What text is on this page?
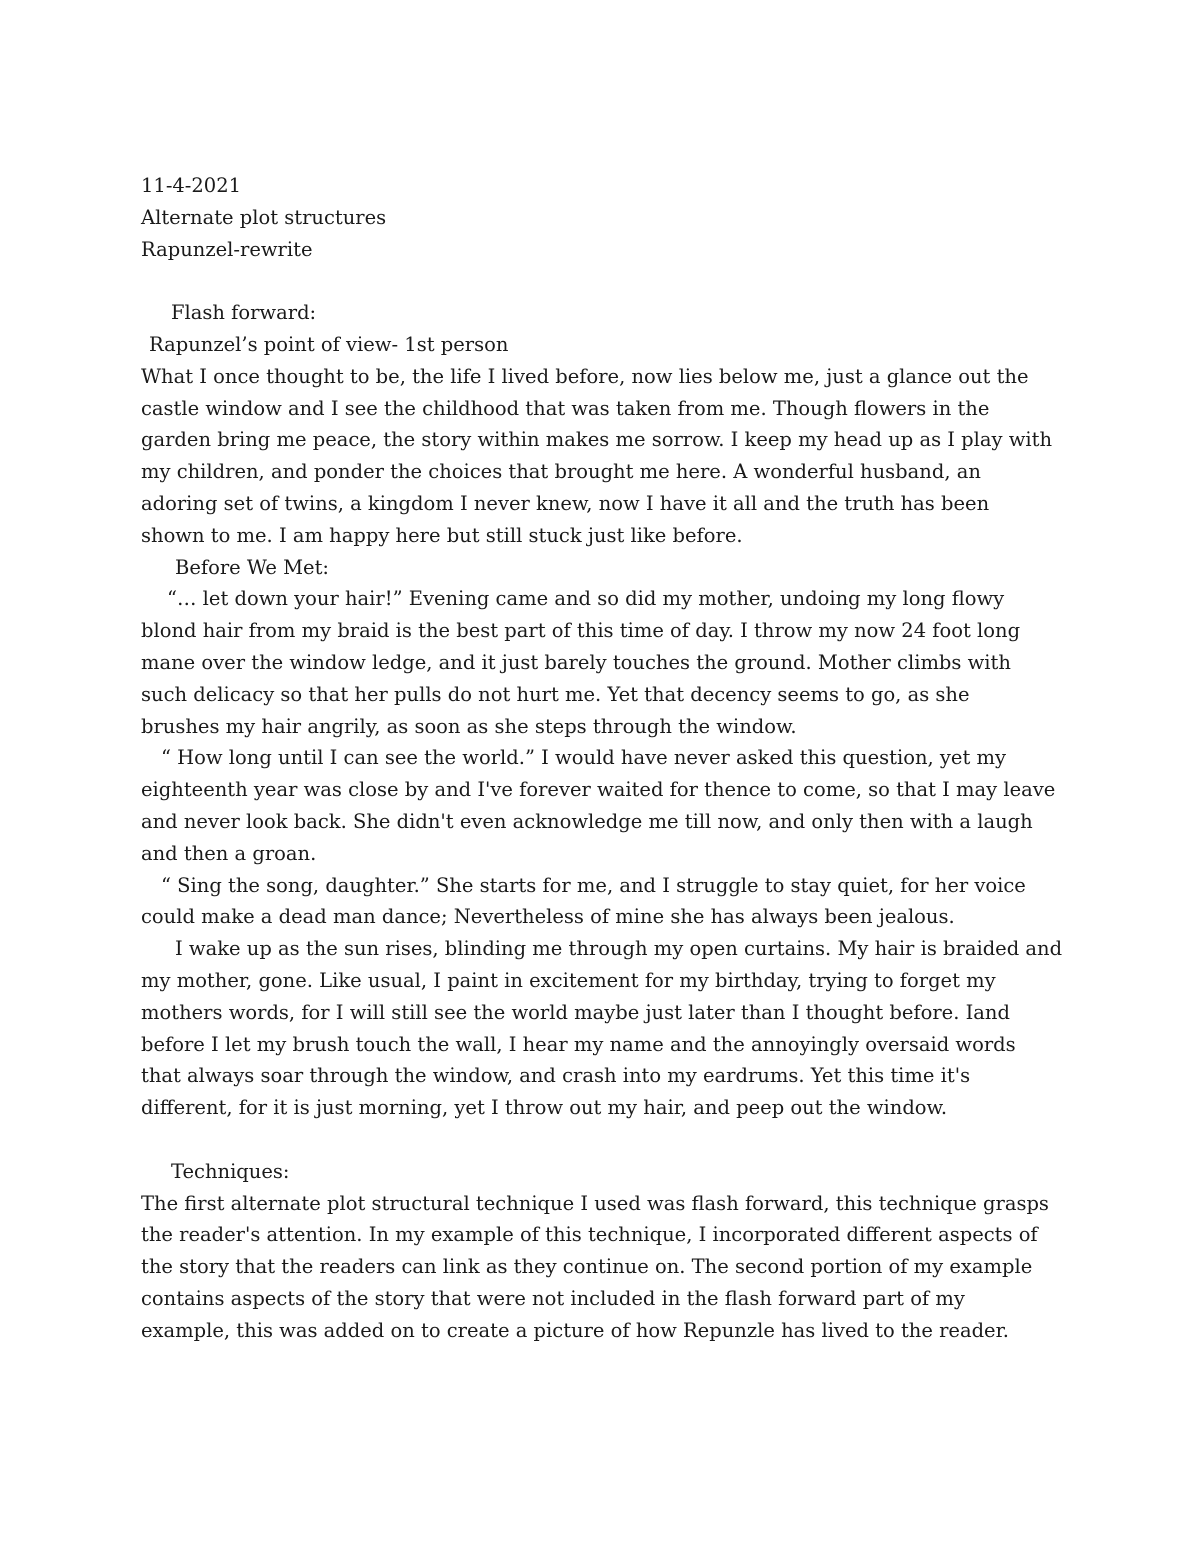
11-4-2021
Alternate plot structures
Rapunzel-rewrite
Flash forward:
Rapunzel’s point of view- 1st person
What I once thought to be, the life I lived before, now lies below me, just a glance out the
castle window and I see the childhood that was taken from me. Though flowers in the
garden bring me peace, the story within makes me sorrow. I keep my head up as I play with
my children, and ponder the choices that brought me here. A wonderful husband, an
adoring set of twins, a kingdom I never knew, now I have it all and the truth has been
shown to me. I am happy here but still stuck just like before.
Before We Met:
“… let down your hair!” Evening came and so did my mother, undoing my long flowy
blond hair from my braid is the best part of this time of day. I throw my now 24 foot long
mane over the window ledge, and it just barely touches the ground. Mother climbs with
such delicacy so that her pulls do not hurt me. Yet that decency seems to go, as she
brushes my hair angrily, as soon as she steps through the window.
“ How long until I can see the world.” I would have never asked this question, yet my
eighteenth year was close by and I've forever waited for thence to come, so that I may leave
and never look back. She didn't even acknowledge me till now, and only then with a laugh
and then a groan.
“ Sing the song, daughter.” She starts for me, and I struggle to stay quiet, for her voice
could make a dead man dance; Nevertheless of mine she has always been jealous.
I wake up as the sun rises, blinding me through my open curtains. My hair is braided and
my mother, gone. Like usual, I paint in excitement for my birthday, trying to forget my
mothers words, for I will still see the world maybe just later than I thought before. Iand
before I let my brush touch the wall, I hear my name and the annoyingly oversaid words
that always soar through the window, and crash into my eardrums. Yet this time it's
different, for it is just morning, yet I throw out my hair, and peep out the window.
Techniques:
The first alternate plot structural technique I used was flash forward, this technique grasps
the reader's attention. In my example of this technique, I incorporated different aspects of
the story that the readers can link as they continue on. The second portion of my example
contains aspects of the story that were not included in the flash forward part of my
example, this was added on to create a picture of how Repunzle has lived to the reader.
